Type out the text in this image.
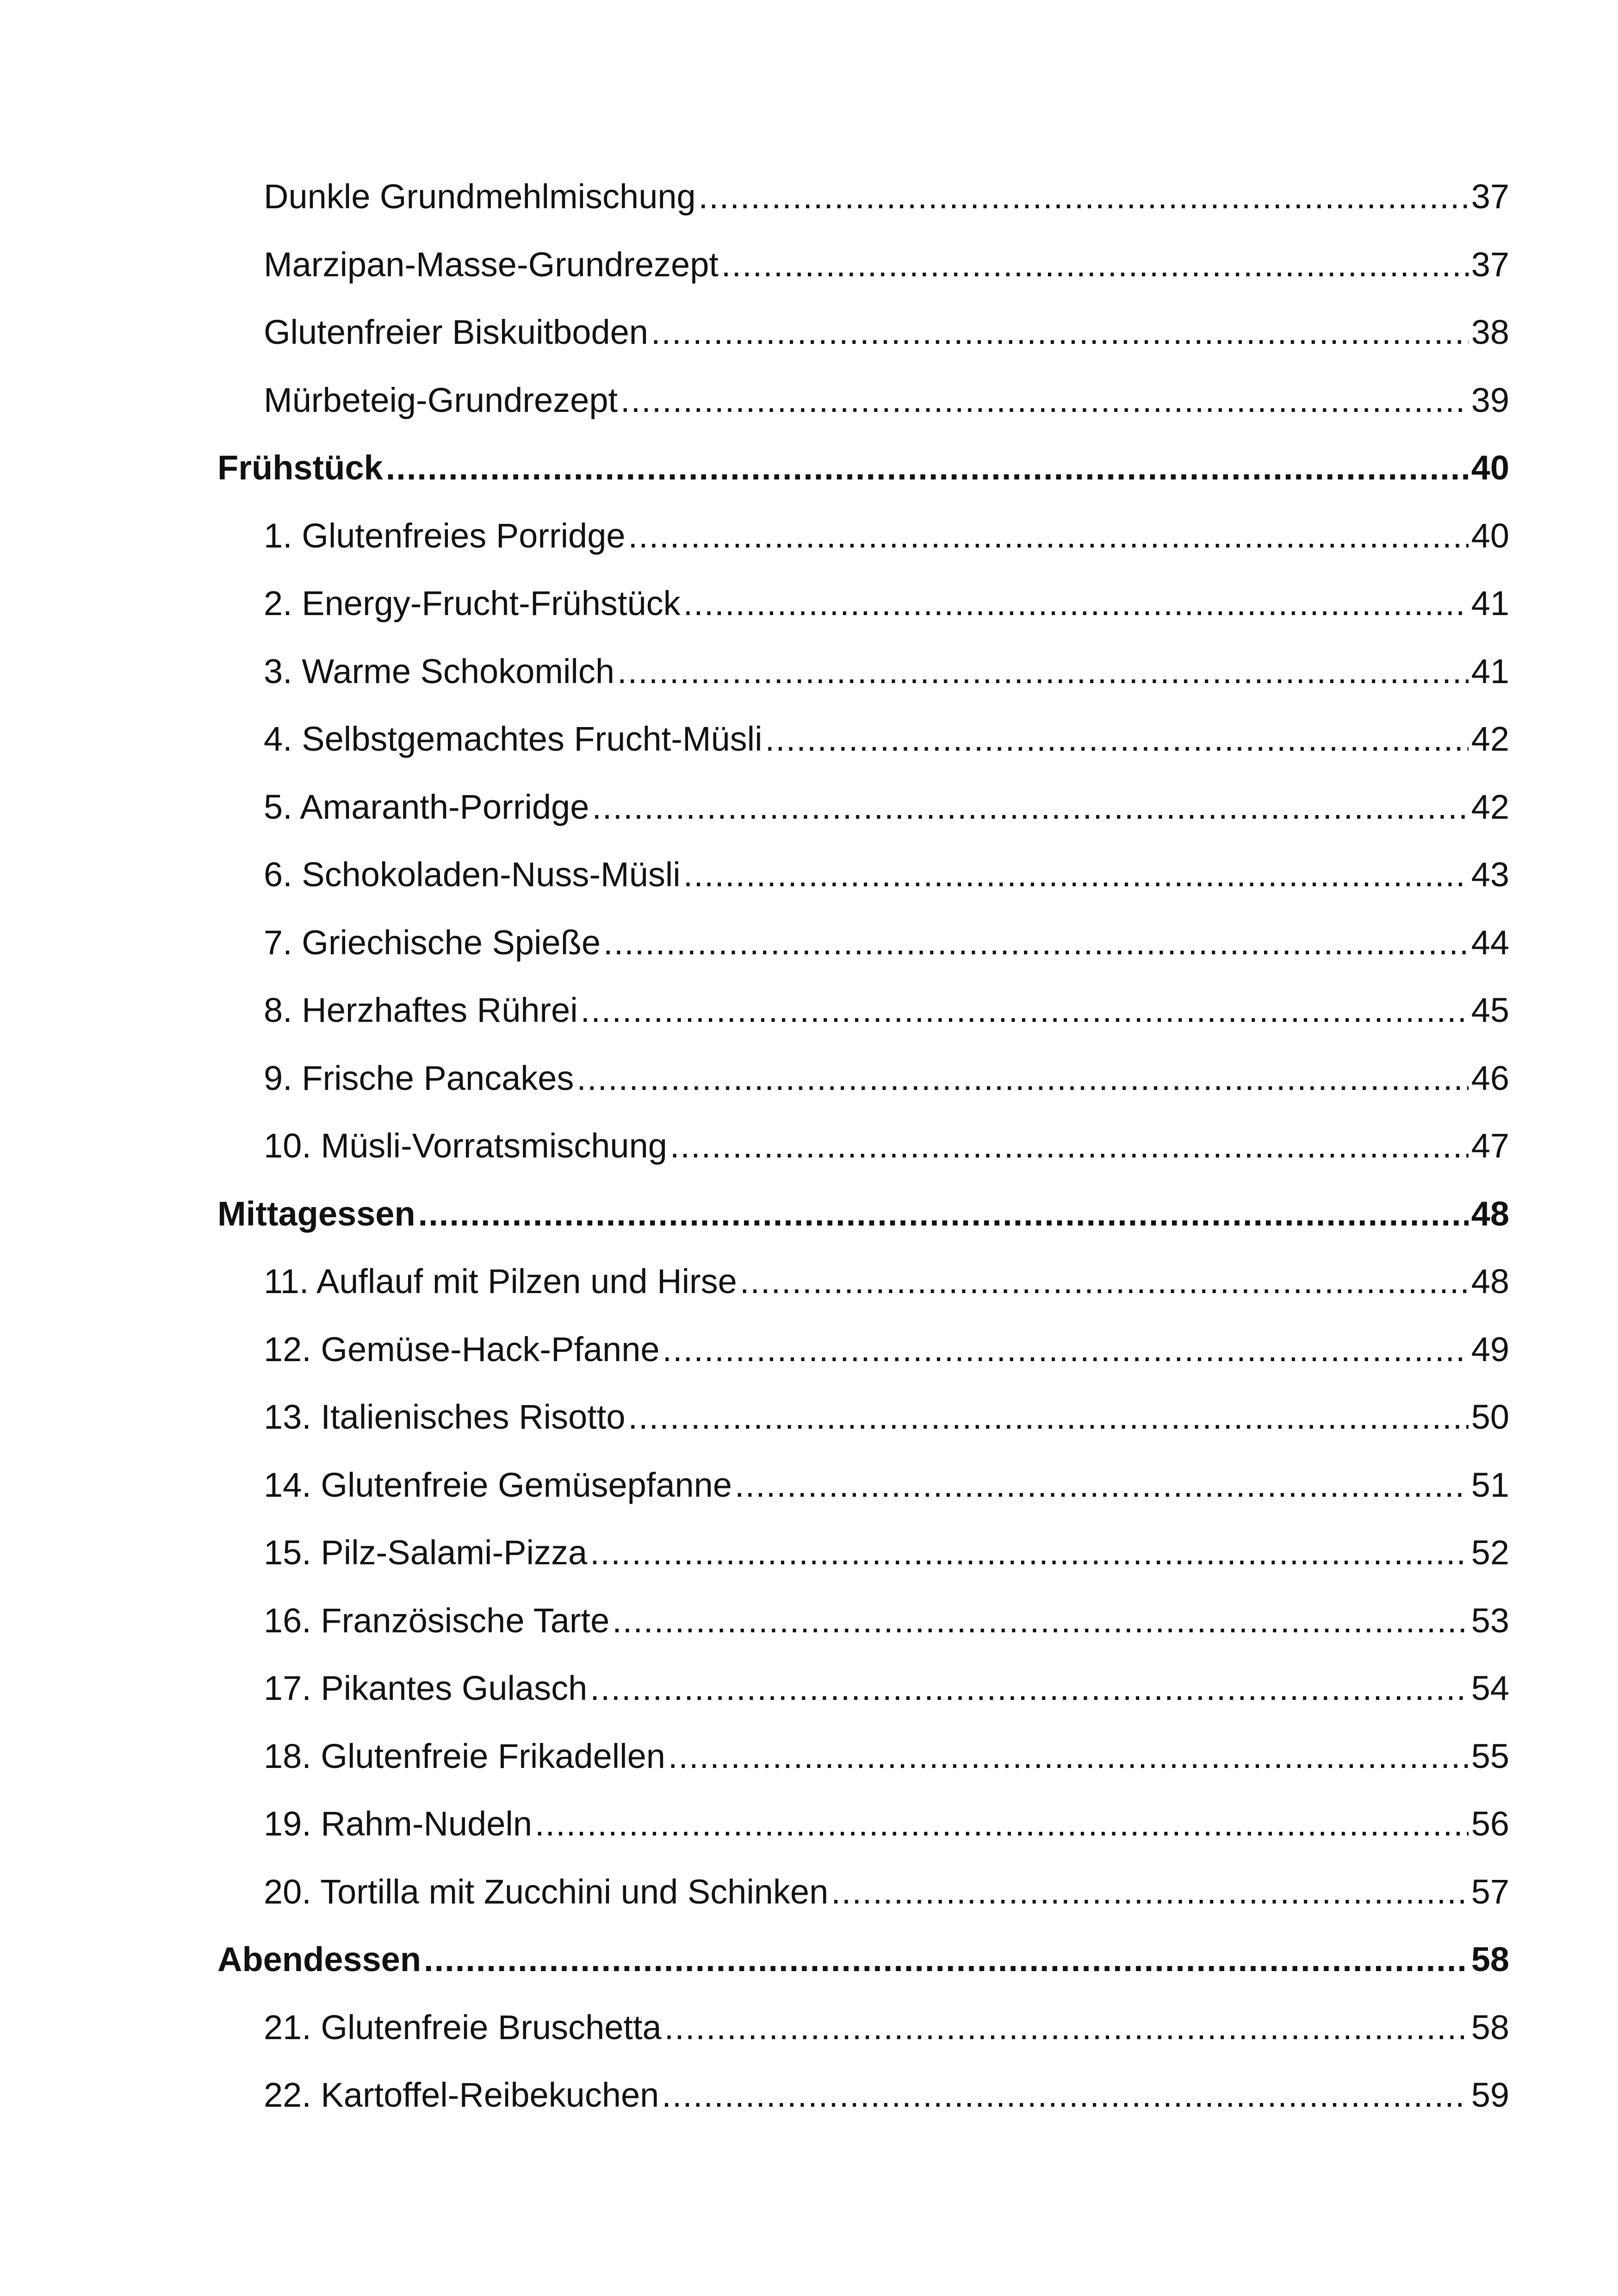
Dunkle Grundmehlmischung .....	37
Marzipan-Masse-Grundrezept .....	37
Glutenfreier Biskuitboden .....	38
Mürbeteig-Grundrezept .....	39
Frühstück .....	40
1. Glutenfreies Porridge .....	40
2. Energy-Frucht-Frühstück .....	41
3. Warme Schokomilch .....	41
4. Selbstgemachtes Frucht-Müsli .....	42
5. Amaranth-Porridge .....	42
6. Schokoladen-Nuss-Müsli .....	43
7. Griechische Spieße .....	44
8. Herzhaftes Rührei .....	45
9. Frische Pancakes .....	46
10. Müsli-Vorratsmischung .....	47
Mittagessen .....	48
11. Auflauf mit Pilzen und Hirse .....	48
12. Gemüse-Hack-Pfanne .....	49
13. Italienisches Risotto .....	50
14. Glutenfreie Gemüsepfanne .....	51
15. Pilz-Salami-Pizza .....	52
16. Französische Tarte .....	53
17. Pikantes Gulasch .....	54
18. Glutenfreie Frikadellen .....	55
19. Rahm-Nudeln .....	56
20. Tortilla mit Zucchini und Schinken .....	57
Abendessen .....	58
21. Glutenfreie Bruschetta .....	58
22. Kartoffel-Reibekuchen .....	59
